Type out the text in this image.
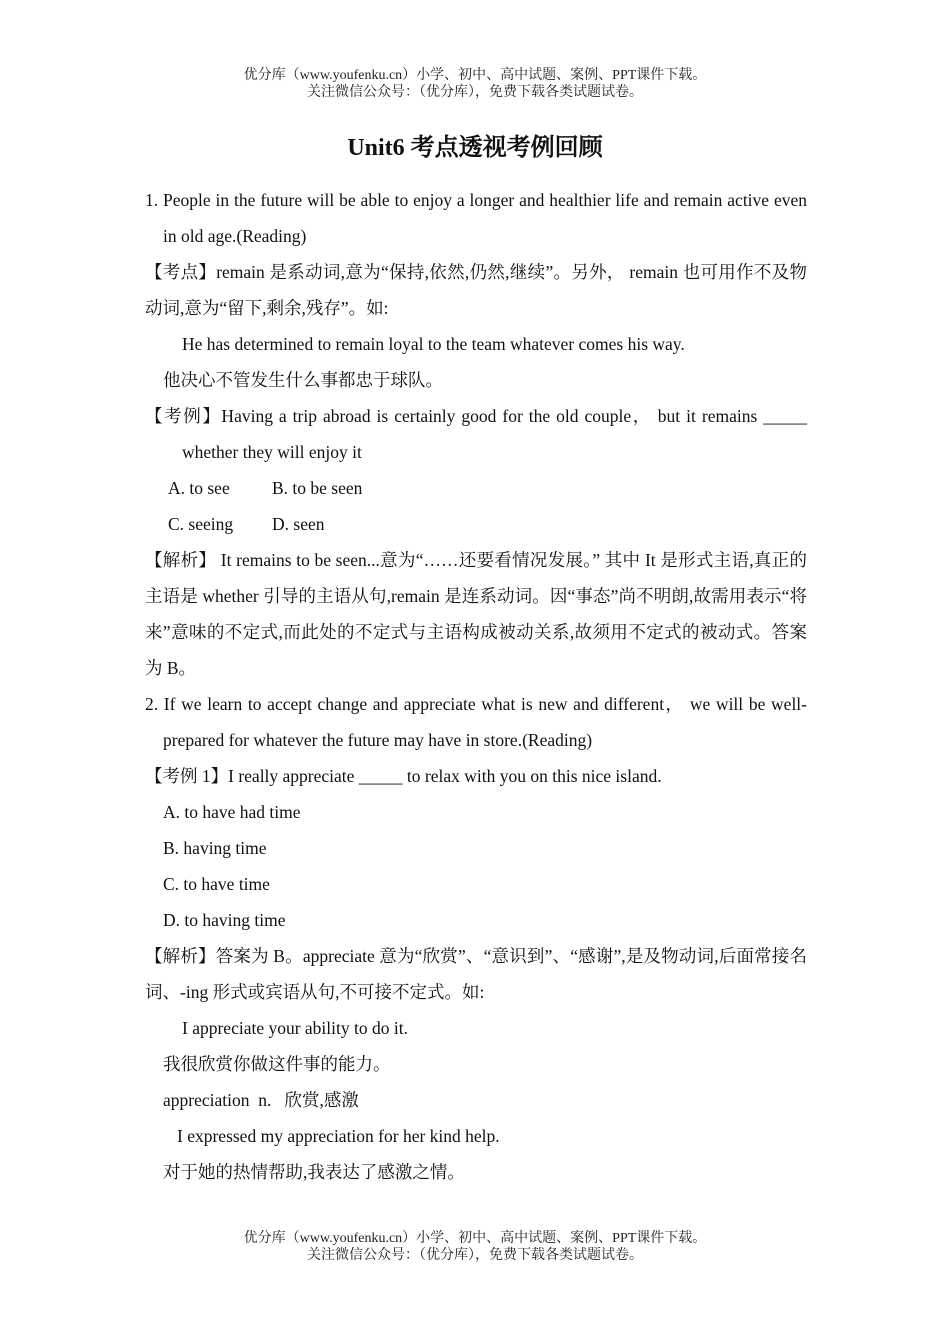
优分库（www.youfenku.cn）小学、初中、高中试题、案例、PPT课件下载。
关注微信公众号：（优分库），免费下载各类试题试卷。
Unit6 考点透视考例回顾

1. People in the future will be able to enjoy a longer and healthier life and remain active even in old age.(Reading)

【考点】remain 是系动词,意为“保持,依然,仍然,继续”。另外， remain 也可用作不及物动词,意为“留下,剩余,残存”。如:

He has determined to remain loyal to the team whatever comes his way.

他决心不管发生什么事都忠于球队。

【考例】Having a trip abroad is certainly good for the old couple， but it remains _____ whether they will enjoy it

A. to see B. to be seen

C. seeing D. seen

【解析】 It remains to be seen...意为“……还要看情况发展。” 其中 It 是形式主语,真正的主语是 whether 引导的主语从句,remain 是连系动词。因“事态”尚不明朗,故需用表示“将来”意味的不定式,而此处的不定式与主语构成被动关系,故须用不定式的被动式。答案为 B。

2. If we learn to accept change and appreciate what is new and different， we will be well-prepared for whatever the future may have in store.(Reading)

【考例 1】I really appreciate _____ to relax with you on this nice island.

A. to have had time

B. having time

C. to have time

D. to having time

【解析】答案为 B。appreciate 意为“欣赏”、“意识到”、“感谢”,是及物动词,后面常接名词、-ing 形式或宾语从句,不可接不定式。如:

I appreciate your ability to do it.

我很欣赏你做这件事的能力。

appreciation  n.   欣赏,感激

I expressed my appreciation for her kind help.

对于她的热情帮助,我表达了感激之情。

优分库（www.youfenku.cn）小学、初中、高中试题、案例、PPT课件下载。
关注微信公众号：（优分库），免费下载各类试题试卷。
